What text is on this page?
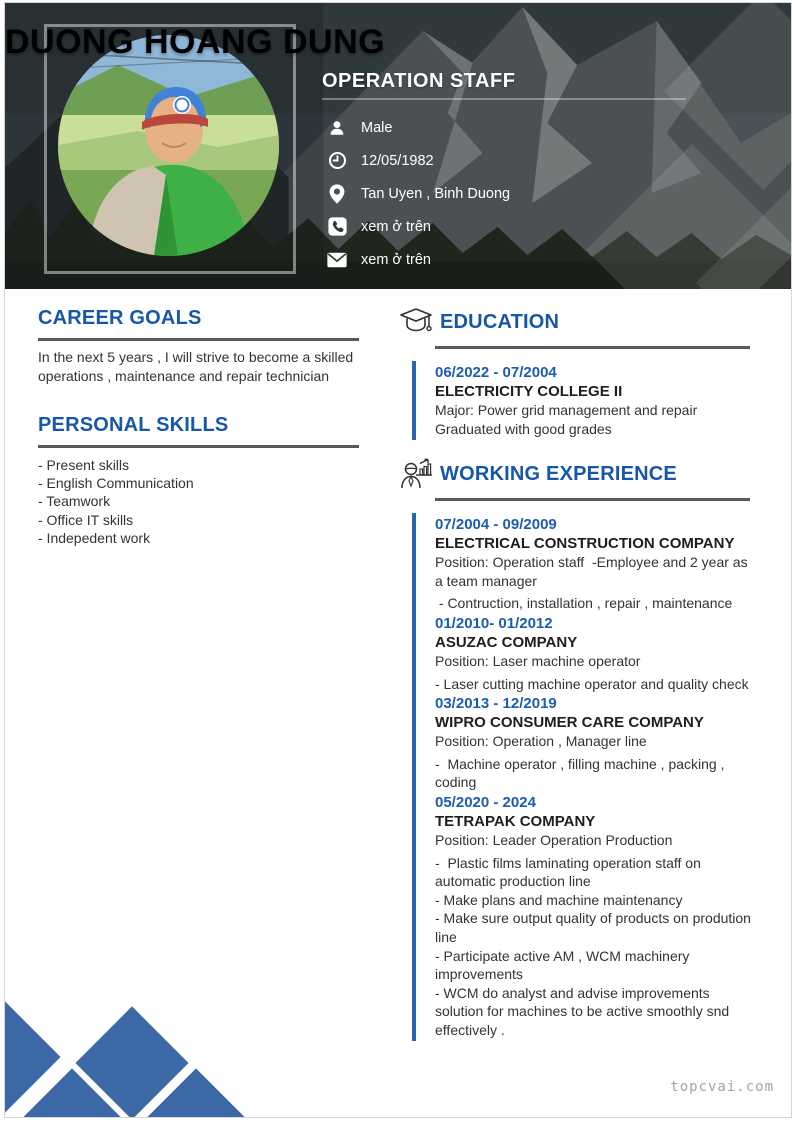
DUONG HOANG DUNG
OPERATION STAFF
Male
12/05/1982
Tan Uyen , Binh Duong
xem ở trên
xem ở trên
CAREER GOALS
In the next 5 years , I will strive to become a skilled operations , maintenance and repair technician
PERSONAL SKILLS
- Present skills
- English Communication
- Teamwork
- Office IT skills
- Indepedent work
EDUCATION
06/2022 - 07/2004
ELECTRICITY COLLEGE II
Major: Power grid management and repair
Graduated with good grades
WORKING EXPERIENCE
07/2004 - 09/2009
ELECTRICAL CONSTRUCTION COMPANY
Position: Operation staff  -Employee and 2 year as a team manager
- Contruction, installation , repair , maintenance
01/2010- 01/2012
ASUZAC COMPANY
Position: Laser machine operator
- Laser cutting machine operator and quality check
03/2013 - 12/2019
WIPRO CONSUMER CARE COMPANY
Position: Operation , Manager line
-  Machine operator , filling machine , packing , coding
05/2020 - 2024
TETRAPAK COMPANY
Position: Leader Operation Production
-  Plastic films laminating operation staff on automatic production line
- Make plans and machine maintenancy
- Make sure output quality of products on prodution line
- Participate active AM , WCM machinery improvements
- WCM do analyst and advise improvements solution for machines to be active smoothly snd effectively .
topcvai.com
